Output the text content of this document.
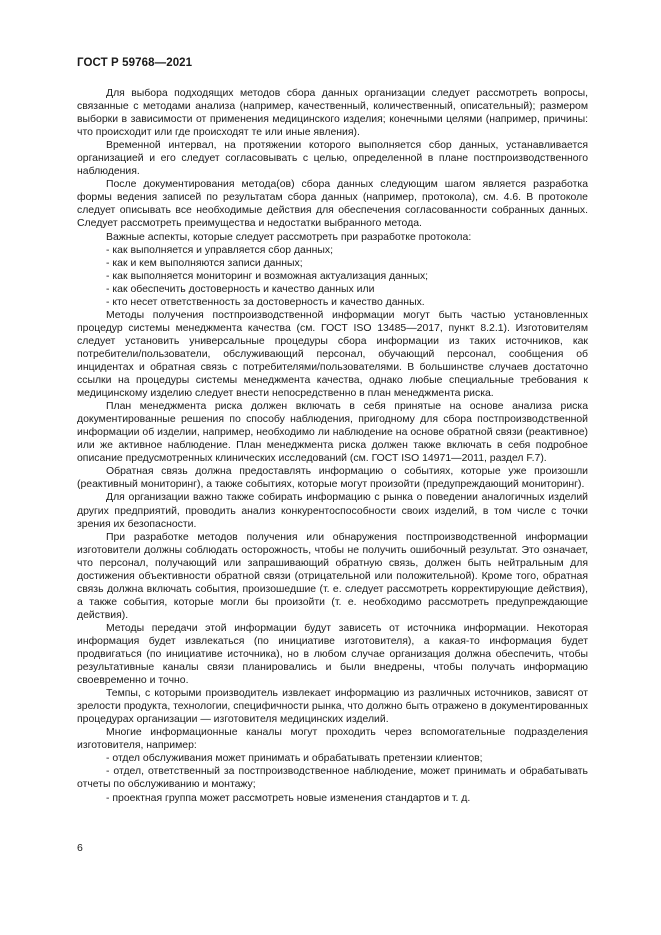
ГОСТ Р 59768—2021

Для выбора подходящих методов сбора данных организации следует рассмотреть вопросы, связанные с методами анализа (например, качественный, количественный, описательный); размером выборки в зависимости от применения медицинского изделия; конечными целями (например, причины: что происходит или где происходят те или иные явления).

Временной интервал, на протяжении которого выполняется сбор данных, устанавливается организацией и его следует согласовывать с целью, определенной в плане постпроизводственного наблюдения.

После документирования метода(ов) сбора данных следующим шагом является разработка формы ведения записей по результатам сбора данных (например, протокола), см. 4.6. В протоколе следует описывать все необходимые действия для обеспечения согласованности собранных данных. Следует рассмотреть преимущества и недостатки выбранного метода.

Важные аспекты, которые следует рассмотреть при разработке протокола:

- как выполняется и управляется сбор данных;

- как и кем выполняются записи данных;

- как выполняется мониторинг и возможная актуализация данных;

- как обеспечить достоверность и качество данных или

- кто несет ответственность за достоверность и качество данных.

Методы получения постпроизводственной информации могут быть частью установленных процедур системы менеджмента качества (см. ГОСТ ISO 13485—2017, пункт 8.2.1). Изготовителям следует установить универсальные процедуры сбора информации из таких источников, как потребители/пользователи, обслуживающий персонал, обучающий персонал, сообщения об инцидентах и обратная связь с потребителями/пользователями. В большинстве случаев достаточно ссылки на процедуры системы менеджмента качества, однако любые специальные требования к медицинскому изделию следует внести непосредственно в план менеджмента риска.

План менеджмента риска должен включать в себя принятые на основе анализа риска документированные решения по способу наблюдения, пригодному для сбора постпроизводственной информации об изделии, например, необходимо ли наблюдение на основе обратной связи (реактивное) или же активное наблюдение. План менеджмента риска должен также включать в себя подробное описание предусмотренных клинических исследований (см. ГОСТ ISO 14971—2011, раздел F.7).

Обратная связь должна предоставлять информацию о событиях, которые уже произошли (реактивный мониторинг), а также событиях, которые могут произойти (предупреждающий мониторинг).

Для организации важно также собирать информацию с рынка о поведении аналогичных изделий других предприятий, проводить анализ конкурентоспособности своих изделий, в том числе с точки зрения их безопасности.

При разработке методов получения или обнаружения постпроизводственной информации изготовители должны соблюдать осторожность, чтобы не получить ошибочный результат. Это означает, что персонал, получающий или запрашивающий обратную связь, должен быть нейтральным для достижения объективности обратной связи (отрицательной или положительной). Кроме того, обратная связь должна включать события, произошедшие (т. е. следует рассмотреть корректирующие действия), а также события, которые могли бы произойти (т. е. необходимо рассмотреть предупреждающие действия).

Методы передачи этой информации будут зависеть от источника информации. Некоторая информация будет извлекаться (по инициативе изготовителя), а какая-то информация будет продвигаться (по инициативе источника), но в любом случае организация должна обеспечить, чтобы результативные каналы связи планировались и были внедрены, чтобы получать информацию своевременно и точно.

Темпы, с которыми производитель извлекает информацию из различных источников, зависят от зрелости продукта, технологии, специфичности рынка, что должно быть отражено в документированных процедурах организации — изготовителя медицинских изделий.

Многие информационные каналы могут проходить через вспомогательные подразделения изготовителя, например:

- отдел обслуживания может принимать и обрабатывать претензии клиентов;

- отдел, ответственный за постпроизводственное наблюдение, может принимать и обрабатывать отчеты по обслуживанию и монтажу;

- проектная группа может рассмотреть новые изменения стандартов и т. д.

6
